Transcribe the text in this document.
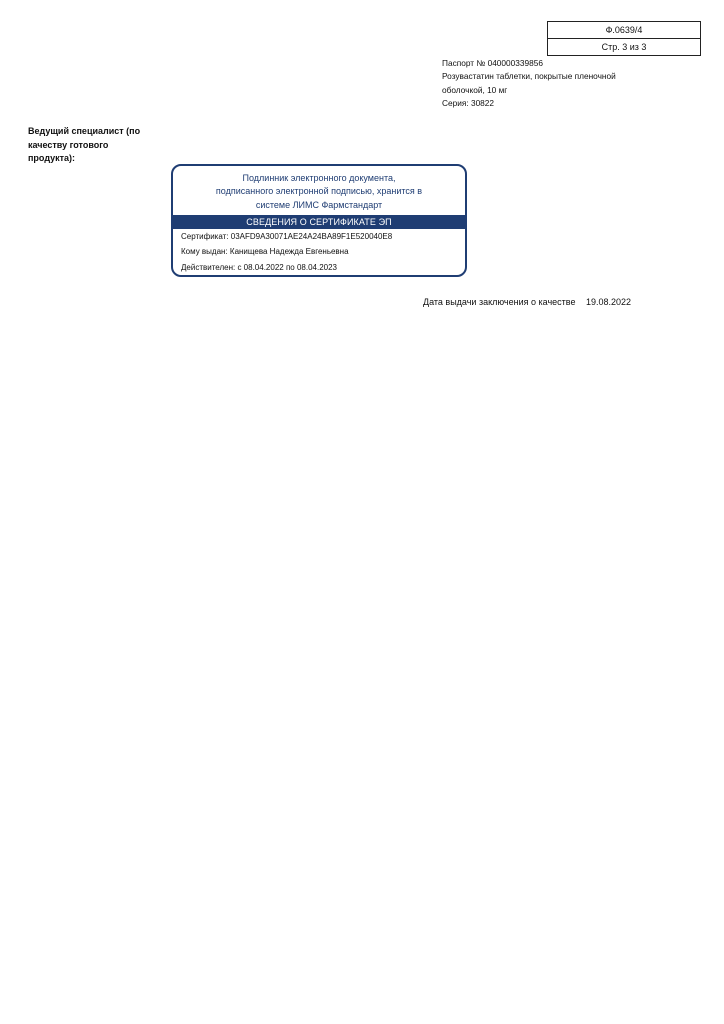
Ф.0639/4
Стр. 3 из 3
Паспорт № 040000339856
Розувастатин таблетки, покрытые пленочной
оболочкой, 10 мг
Серия: 30822
Ведущий специалист (по
качеству готового
продукта):
Подлинник электронного документа,
подписанного электронной подписью, хранится в
системе ЛИМС Фармстандарт
СВЕДЕНИЯ О СЕРТИФИКАТЕ ЭП
Сертификат: 03AFD9A30071AE24A24BA89F1E520040E8
Кому выдан: Канищева Надежда Евгеньевна
Действителен: с 08.04.2022 по 08.04.2023
Дата выдачи заключения о качестве 19.08.2022
